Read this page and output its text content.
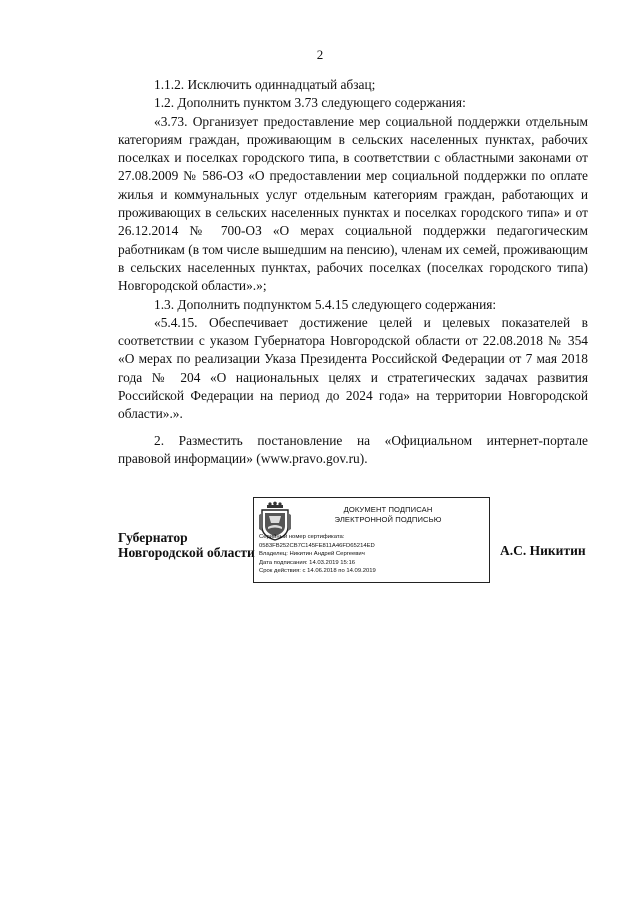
2

1.1.2. Исключить одиннадцатый абзац;

1.2. Дополнить пунктом 3.73 следующего содержания:

«3.73. Организует предоставление мер социальной поддержки отдельным категориям граждан, проживающим в сельских населенных пунктах, рабочих поселках и поселках городского типа, в соответствии с областными законами от 27.08.2009 № 586-ОЗ «О предоставлении мер социальной поддержки по оплате жилья и коммунальных услуг отдельным категориям граждан, работающих и проживающих в сельских населенных пунктах и поселках городского типа» и от 26.12.2014 № 700-ОЗ «О мерах социальной поддержки педагогическим работникам (в том числе вышедшим на пенсию), членам их семей, проживающим в сельских населенных пунктах, рабочих поселках (поселках городского типа) Новгородской области».»;

1.3. Дополнить подпунктом 5.4.15 следующего содержания:

«5.4.15. Обеспечивает достижение целей и целевых показателей в соответствии с указом Губернатора Новгородской области от 22.08.2018 № 354 «О мерах по реализации Указа Президента Российской Федерации от 7 мая 2018 года № 204 «О национальных целях и стратегических задачах развития Российской Федерации на период до 2024 года» на территории Новгородской области».».

2. Разместить постановление на «Официальном интернет-портале правовой информации» (www.pravo.gov.ru).

Губернатор
Новгородской области
ДОКУМЕНТ ПОДПИСАН
ЭЛЕКТРОННОЙ ПОДПИСЬЮ
Серийный номер сертификата:
0583FB252CB7C145FE811A46FD65214ED
Владелец: Никитин Андрей Сергеевич
Дата подписания: 14.03.2019 15:16
Срок действия: с 14.06.2018 по 14.09.2019
А.С. Никитин
